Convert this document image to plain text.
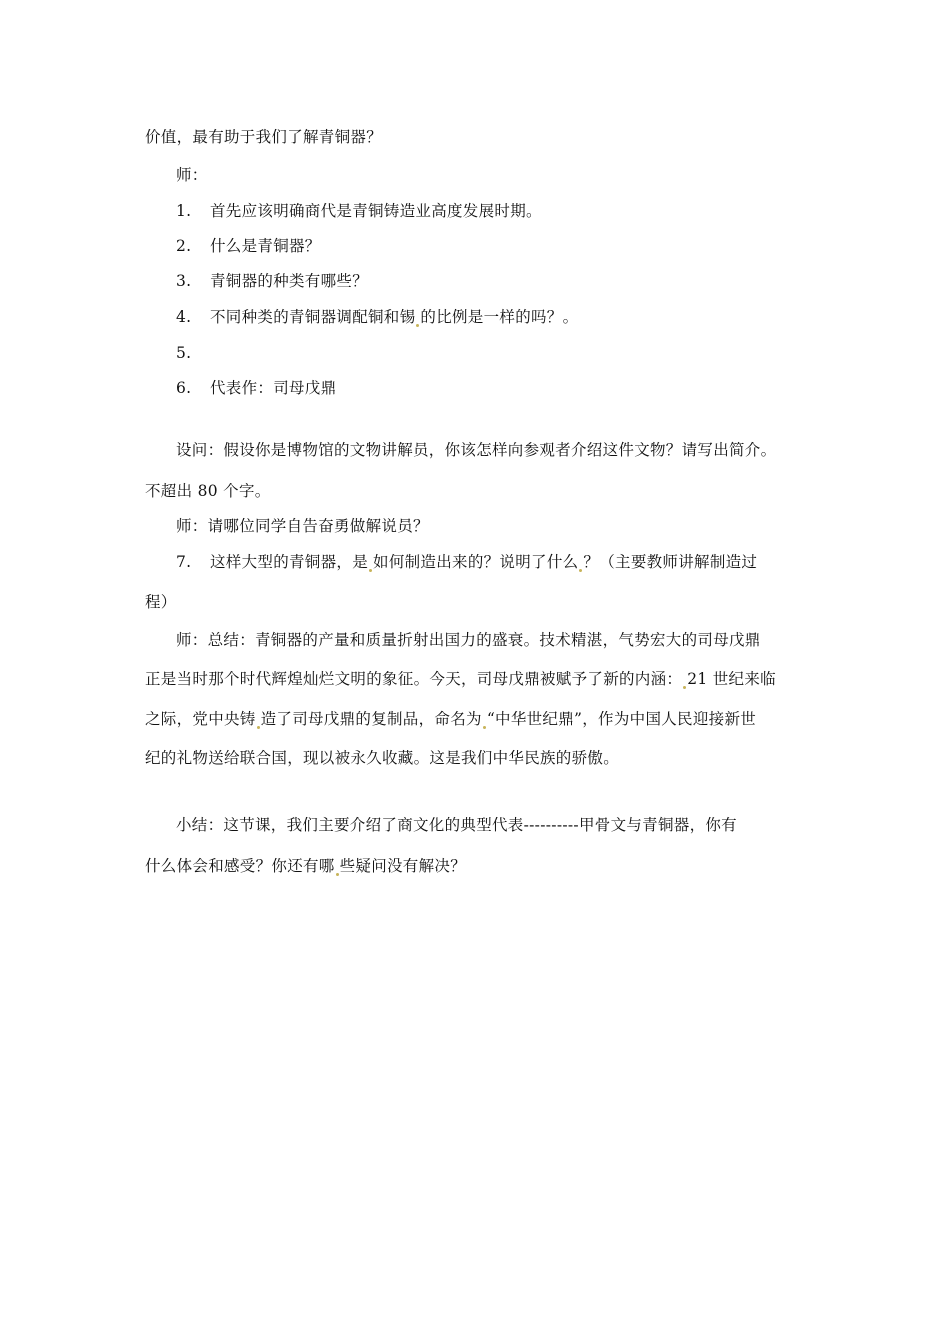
价值，最有助于我们了解青铜器？
师：
1. 首先应该明确商代是青铜铸造业高度发展时期。
2. 什么是青铜器？
3. 青铜器的种类有哪些？
4. 不同种类的青铜器调配铜和锡 的比例是一样的吗？。
5.
6. 代表作：司母戊鼎
设问：假设你是博物馆的文物讲解员，你该怎样向参观者介绍这件文物？请写出简介。
不超出 80 个字。
师：请哪位同学自告奋勇做解说员？
7. 这样大型的青铜器，是 如何制造出来的？说明了什么 ？（主要教师讲解制造过
程）
师：总结：青铜器的产量和质量折射出国力的盛衰。技术精湛，气势宏大的司母戊鼎
正是当时那个时代辉煌灿烂文明的象征。今天，司母戊鼎被赋予了新的内涵： 21 世纪来临
之际，党中央铸 造了司母戊鼎的复制品，命名为 “中华世纪鼎”，作为中国人民迎接新世
纪的礼物送给联合国，现以被永久收藏。这是我们中华民族的骄傲。
小结：这节课，我们主要介绍了商文化的典型代表----------甲骨文与青铜器，你有
什么体会和感受？你还有哪 些疑问没有解决？
